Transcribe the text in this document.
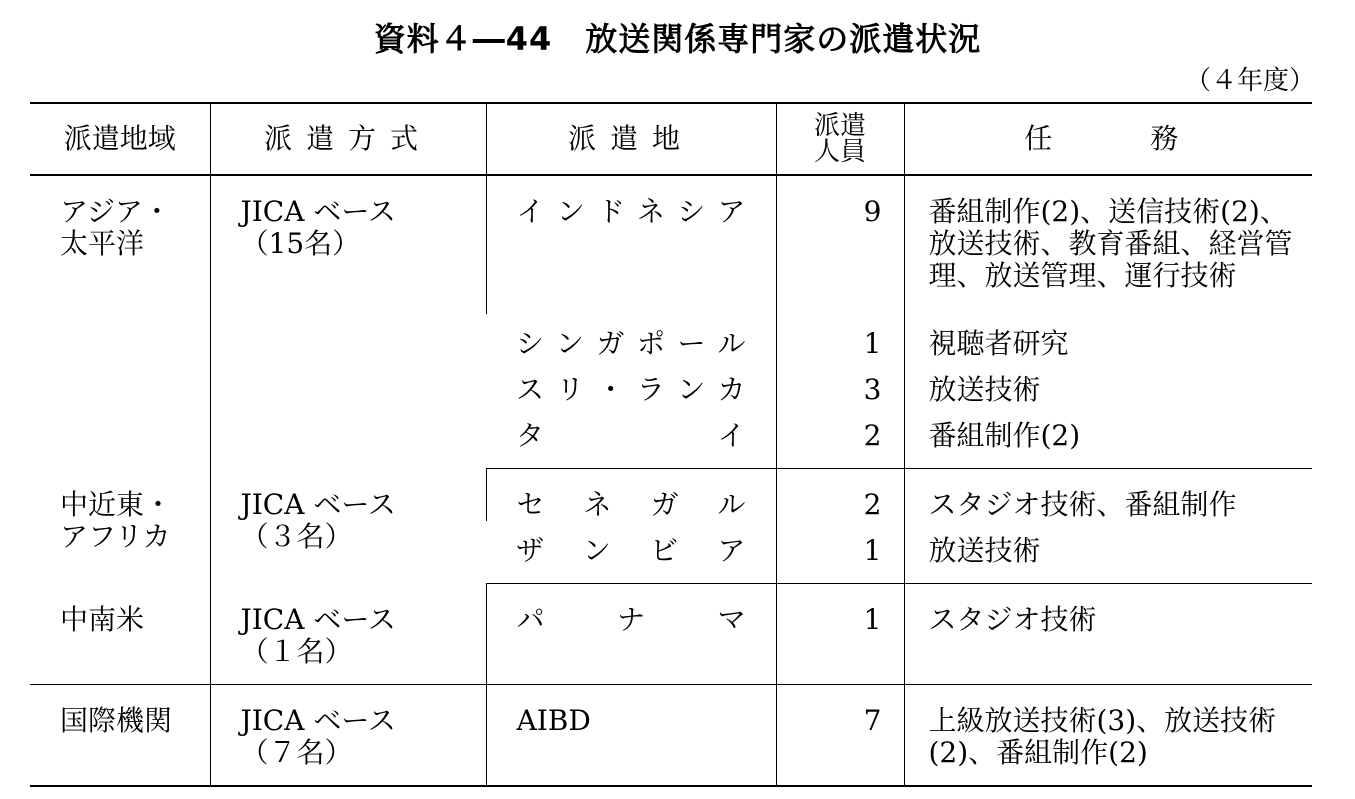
資料４―44　放送関係専門家の派遣状況
（４年度）
派遣地域	派遣方式	派遣地	派遣人員	任　　務

アジア・太平洋	JICA ベース（15名）	インドネシア	9	番組制作(2)、送信技術(2)、放送技術、教育番組、経営管理、放送管理、運行技術
		シンガポール	1	視聴者研究
		スリ・ランカ	3	放送技術
		タイ	2	番組制作(2)

中近東・アフリカ	JICA ベース（３名）	セネガル	2	スタジオ技術、番組制作
		ザンビア	1	放送技術
中南米	JICA ベース（１名）	パナマ	1	スタジオ技術
国際機関	JICA ベース（７名）	AIBD	7	上級放送技術(3)、放送技術(2)、番組制作(2)
